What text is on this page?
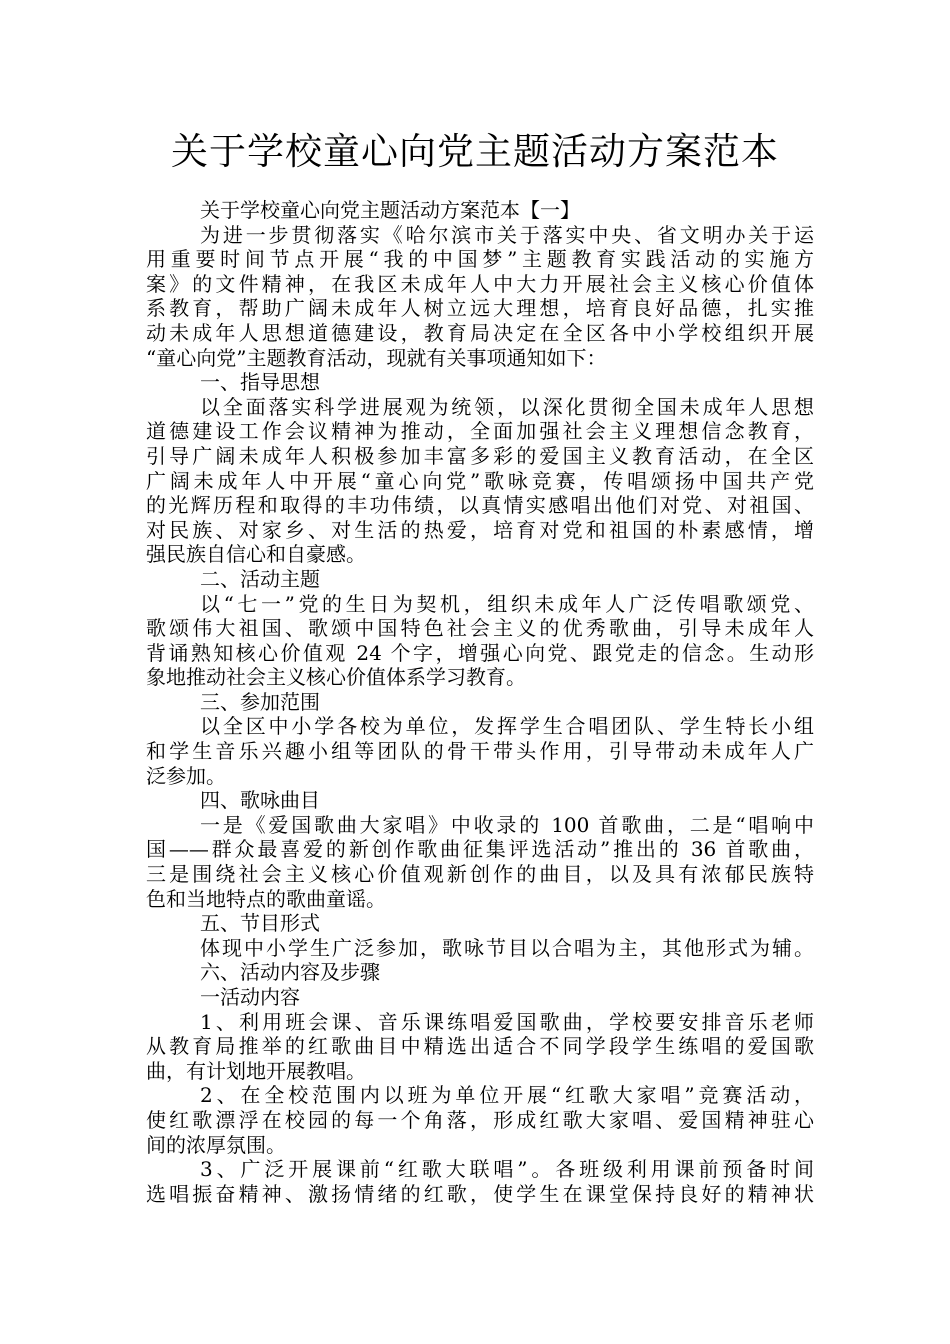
关于学校童心向党主题活动方案范本
关于学校童心向党主题活动方案范本【一】
为进一步贯彻落实《哈尔滨市关于落实中央、省文明办关于运
用重要时间节点开展“我的中国梦”主题教育实践活动的实施方
案》的文件精神，在我区未成年人中大力开展社会主义核心价值体
系教育，帮助广阔未成年人树立远大理想，培育良好品德，扎实推
动未成年人思想道德建设，教育局决定在全区各中小学校组织开展
“童心向党”主题教育活动，现就有关事项通知如下：
一、指导思想
以全面落实科学进展观为统领，以深化贯彻全国未成年人思想
道德建设工作会议精神为推动，全面加强社会主义理想信念教育，
引导广阔未成年人积极参加丰富多彩的爱国主义教育活动，在全区
广阔未成年人中开展“童心向党”歌咏竞赛，传唱颂扬中国共产党
的光辉历程和取得的丰功伟绩，以真情实感唱出他们对党、对祖国、
对民族、对家乡、对生活的热爱，培育对党和祖国的朴素感情，增
强民族自信心和自豪感。
二、活动主题
以“七一”党的生日为契机，组织未成年人广泛传唱歌颂党、
歌颂伟大祖国、歌颂中国特色社会主义的优秀歌曲，引导未成年人
背诵熟知核心价值观 24 个字，增强心向党、跟党走的信念。生动形
象地推动社会主义核心价值体系学习教育。
三、参加范围
以全区中小学各校为单位，发挥学生合唱团队、学生特长小组
和学生音乐兴趣小组等团队的骨干带头作用，引导带动未成年人广
泛参加。
四、歌咏曲目
一是《爱国歌曲大家唱》中收录的 100 首歌曲，二是“唱响中
国——群众最喜爱的新创作歌曲征集评选活动”推出的 36 首歌曲，
三是围绕社会主义核心价值观新创作的曲目，以及具有浓郁民族特
色和当地特点的歌曲童谣。
五、节目形式
体现中小学生广泛参加，歌咏节目以合唱为主，其他形式为辅。
六、活动内容及步骤
一活动内容
1、利用班会课、音乐课练唱爱国歌曲，学校要安排音乐老师
从教育局推举的红歌曲目中精选出适合不同学段学生练唱的爱国歌
曲，有计划地开展教唱。
2、在全校范围内以班为单位开展“红歌大家唱”竞赛活动，
使红歌漂浮在校园的每一个角落，形成红歌大家唱、爱国精神驻心
间的浓厚氛围。
3、广泛开展课前“红歌大联唱”。各班级利用课前预备时间
选唱振奋精神、激扬情绪的红歌，使学生在课堂保持良好的精神状
